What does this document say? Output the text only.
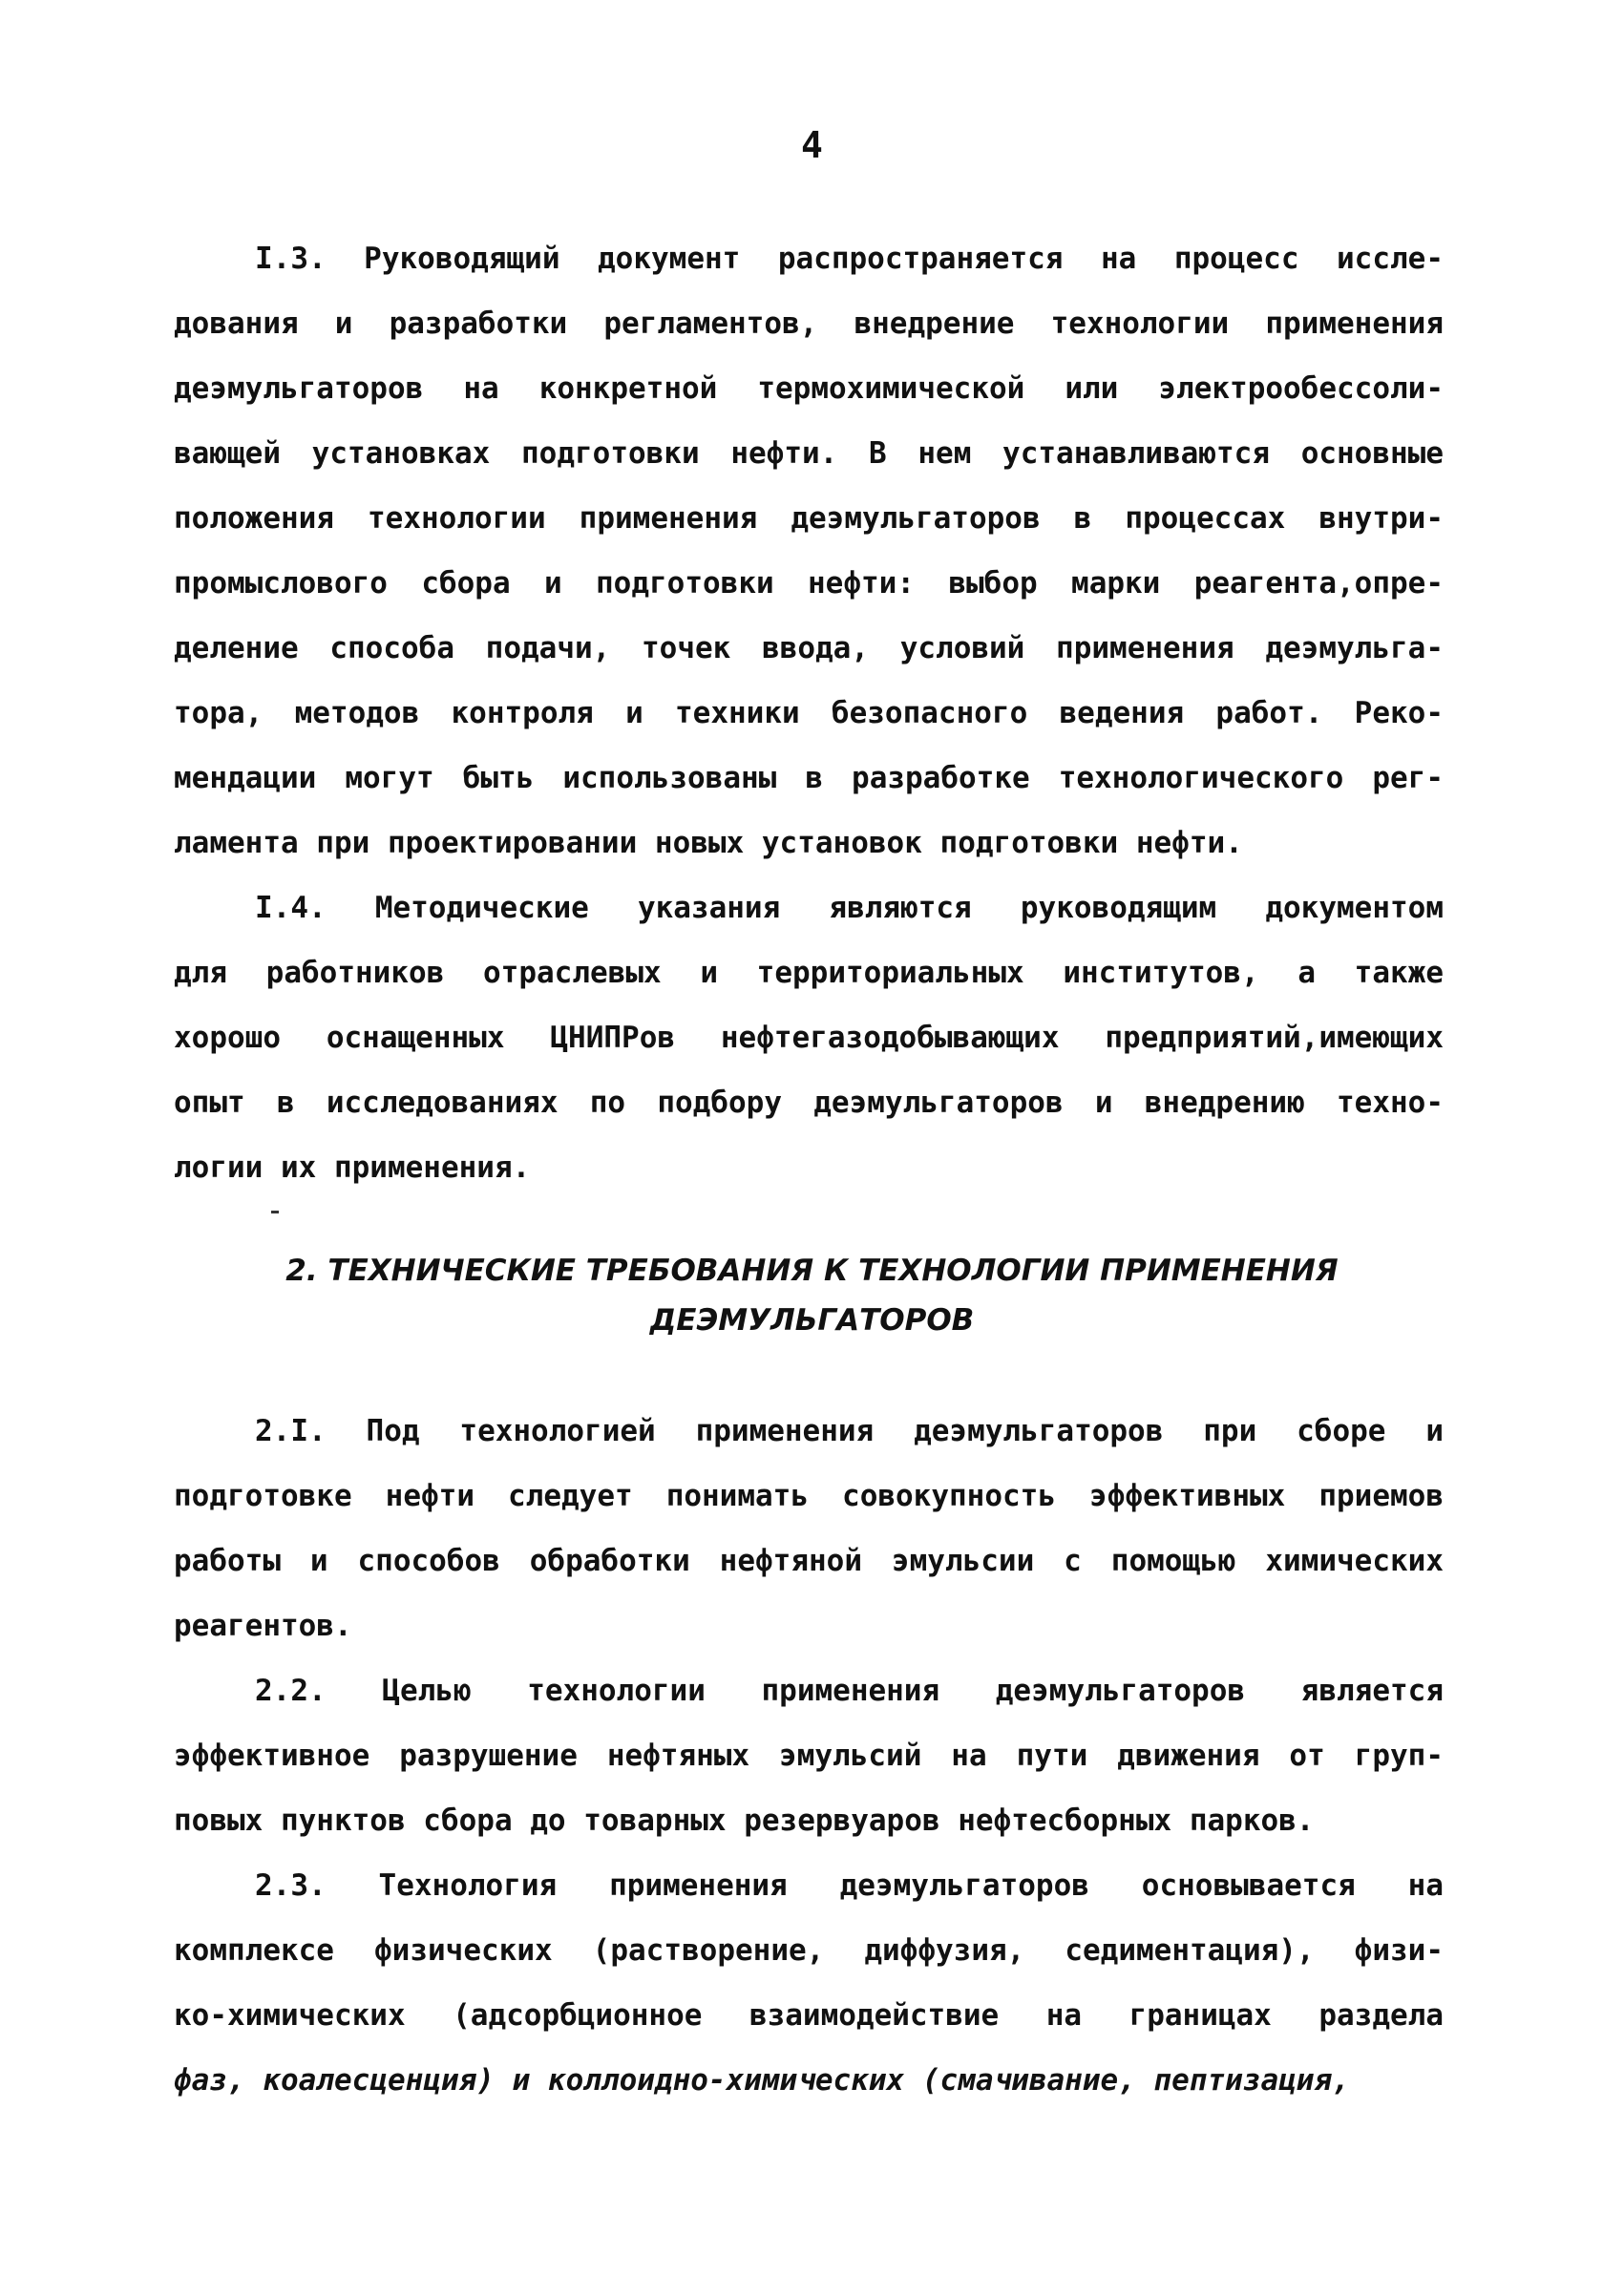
4
I.3. Руководящий документ распространяется на процесс иссле-
дования и разработки регламентов, внедрение технологии применения
деэмульгаторов на конкретной термохимической или электрообессоли-
вающей установках подготовки нефти. В нем устанавливаются основные
положения технологии применения деэмульгаторов в процессах внутри-
промыслового сбора и подготовки нефти: выбор марки реагента,опре-
деление способа подачи, точек ввода, условий применения деэмульга-
тора, методов контроля и техники безопасного ведения работ. Реко-
мендации могут быть использованы в разработке технологического рег-
ламента при проектировании новых установок подготовки нефти.
I.4. Методические указания являются руководящим документом
для работников отраслевых и территориальных институтов, а также
хорошо оснащенных ЦНИПРов нефтегазодобывающих предприятий,имеющих
опыт в исследованиях по подбору деэмульгаторов и внедрению техно-
логии их применения.
2. ТЕХНИЧЕСКИЕ ТРЕБОВАНИЯ К ТЕХНОЛОГИИ ПРИМЕНЕНИЯ
ДЕЭМУЛЬГАТОРОВ
2.I. Под технологией применения деэмульгаторов при сборе и
подготовке нефти следует понимать совокупность эффективных приемов
работы и способов обработки нефтяной эмульсии с помощью химических
реагентов.
2.2. Целью технологии применения деэмульгаторов является
эффективное разрушение нефтяных эмульсий на пути движения от груп-
повых пунктов сбора до товарных резервуаров нефтесборных парков.
2.3. Технология применения деэмульгаторов основывается на
комплексе физических (растворение, диффузия, седиментация), физи-
ко-химических (адсорбционное взаимодействие на границах раздела
фаз, коалесценция) и коллоидно-химических (смачивание, пептизация,
